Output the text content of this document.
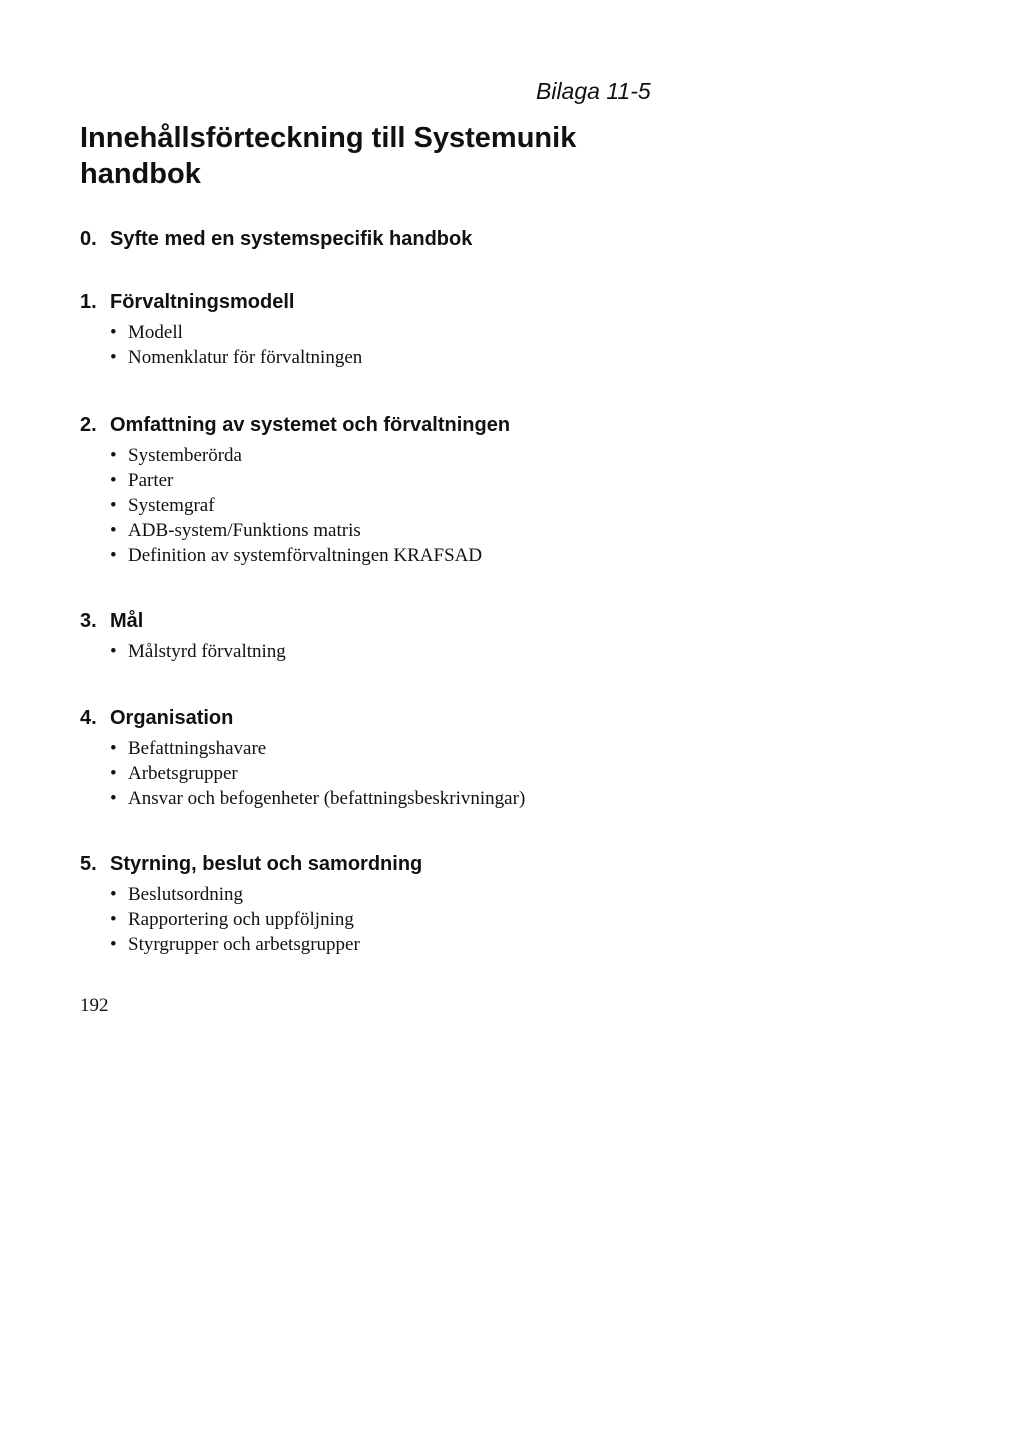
Bilaga 11-5
Innehållsförteckning till Systemunik handbok
0. Syfte med en systemspecifik handbok
1. Förvaltningsmodell
• Modell
• Nomenklatur för förvaltningen
2. Omfattning av systemet och förvaltningen
• Systemberörda
• Parter
• Systemgraf
• ADB-system/Funktions matris
• Definition av systemförvaltningen KRAFSAD
3. Mål
• Målstyrd förvaltning
4. Organisation
• Befattningshavare
• Arbetsgrupper
• Ansvar och befogenheter (befattningsbeskrivningar)
5. Styrning, beslut och samordning
• Beslutsordning
• Rapportering och uppföljning
• Styrgrupper och arbetsgrupper
192
